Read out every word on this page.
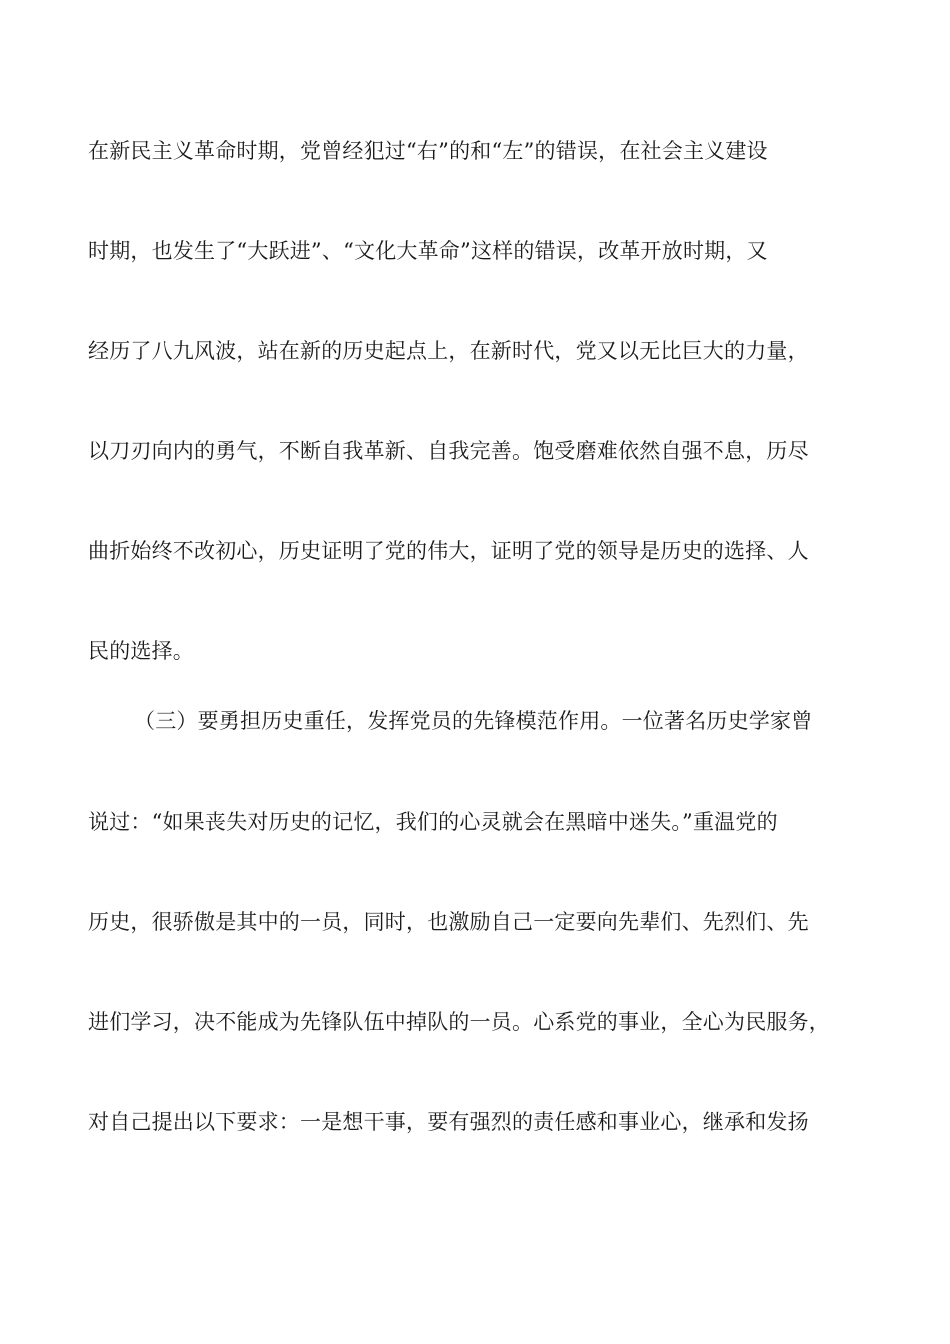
在新民主义革命时期，党曾经犯过“右”的和“左”的错误，在社会主义建设
时期，也发生了“大跃进”、“文化大革命”这样的错误，改革开放时期，又
经历了八九风波，站在新的历史起点上，在新时代，党又以无比巨大的力量，
以刀刃向内的勇气，不断自我革新、自我完善。饱受磨难依然自强不息，历尽
曲折始终不改初心，历史证明了党的伟大，证明了党的领导是历史的选择、人
民的选择。
（三）要勇担历史重任，发挥党员的先锋模范作用。一位著名历史学家曾
说过：“如果丧失对历史的记忆，我们的心灵就会在黑暗中迷失。”重温党的
历史，很骄傲是其中的一员，同时，也激励自己一定要向先辈们、先烈们、先
进们学习，决不能成为先锋队伍中掉队的一员。心系党的事业，全心为民服务，
对自己提出以下要求：一是想干事，要有强烈的责任感和事业心，继承和发扬
